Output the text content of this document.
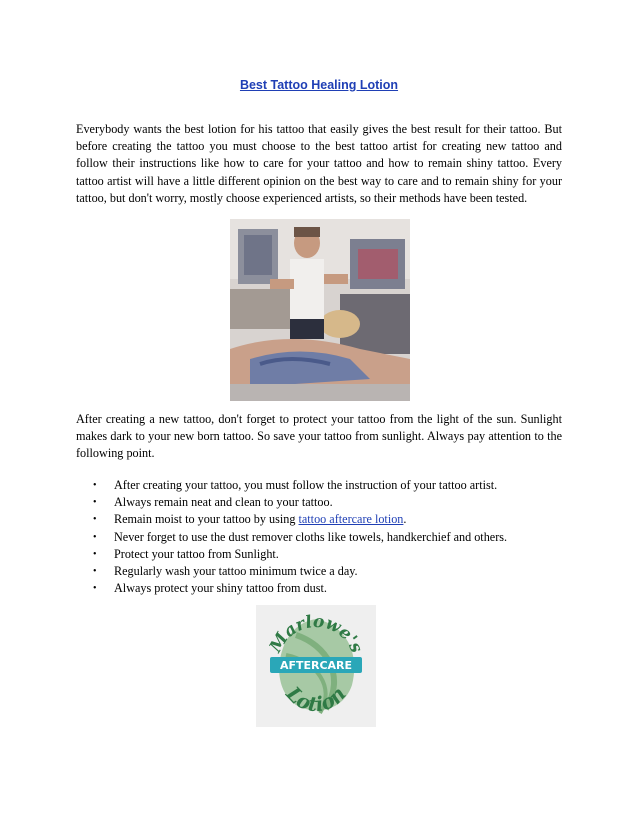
Best Tattoo Healing Lotion
Everybody wants the best lotion for his tattoo that easily gives the best result for their tattoo. But before creating the tattoo you must choose to the best tattoo artist for creating new tattoo and follow their instructions like how to care for your tattoo and how to remain shiny tattoo. Every tattoo artist will have a little different opinion on the best way to care and to remain shiny for your tattoo, but don't worry, mostly choose experienced artists, so their methods have been tested.
After creating a new tattoo, don't forget to protect your tattoo from the light of the sun. Sunlight makes dark to your new born tattoo. So save your tattoo from sunlight. Always pay attention to the following point.
• After creating your tattoo, you must follow the instruction of your tattoo artist.
• Always remain neat and clean to your tattoo.
• Remain moist to your tattoo by using tattoo aftercare lotion.
• Never forget to use the dust remover cloths like towels, handkerchief and others.
• Protect your tattoo from Sunlight.
• Regularly wash your tattoo minimum twice a day.
• Always protect your shiny tattoo from dust.
Marlowe's
AFTERCARE
Lotion
